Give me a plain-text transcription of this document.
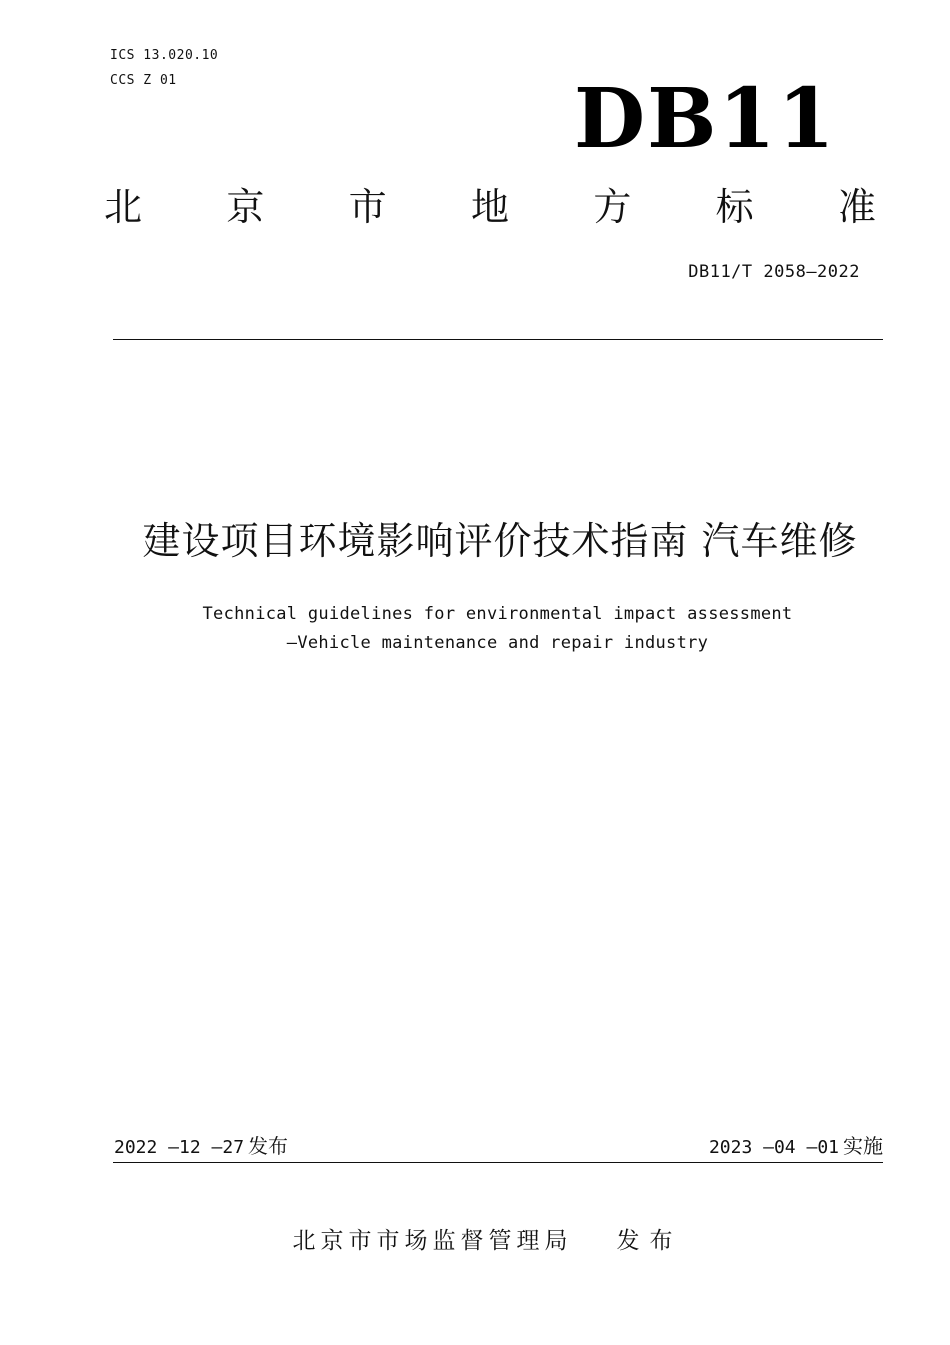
ICS 13.020.10
CCS Z 01	DB11
北 京 市 地 方 标 准
DB11/T 2058—2022
建设项目环境影响评价技术指南 汽车维修
Technical guidelines for environmental impact assessment
—Vehicle maintenance and repair industry
2022 —12 —27 发布	2023 —04 —01 实施
北京市市场监督管理局 发布
